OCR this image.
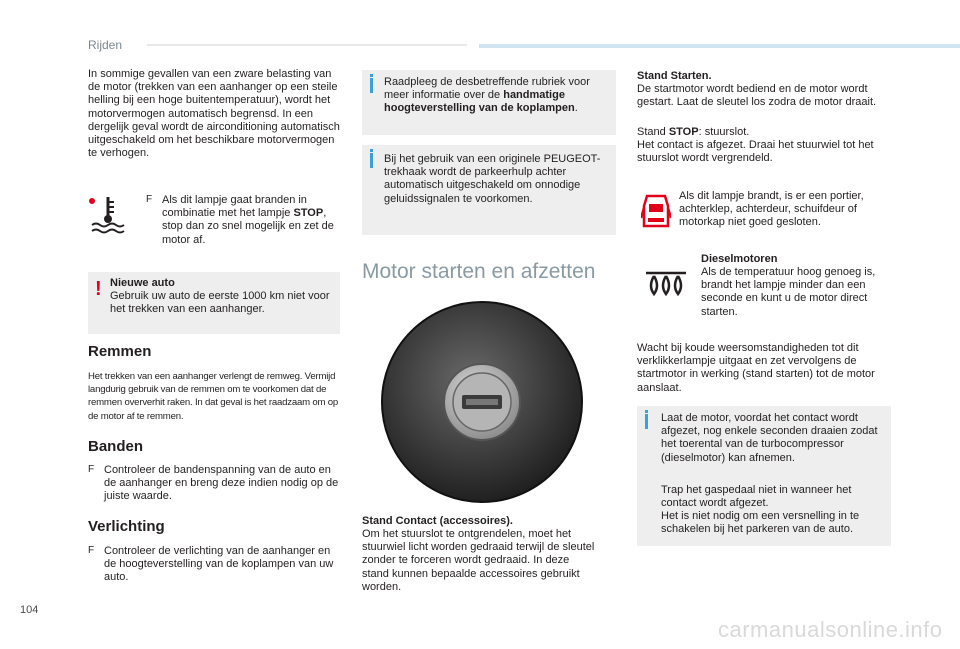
Rijden

In sommige gevallen van een zware belasting van de motor (trekken van een aanhanger op een steile helling bij een hoge buitentemperatuur), wordt het motorvermogen automatisch begrensd. In een dergelijk geval wordt de airconditioning automatisch uitgeschakeld om het beschikbare motorvermogen te verhogen.

F Als dit lampje gaat branden in combinatie met het lampje STOP, stop dan zo snel mogelijk en zet de motor af.

! Nieuwe auto

Gebruik uw auto de eerste 1000 km niet voor het trekken van een aanhanger.

Remmen

Het trekken van een aanhanger verlengt de remweg. Vermijd langdurig gebruik van de remmen om te voorkomen dat de remmen oververhit raken. In dat geval is het raadzaam om op de motor af te remmen.

Banden
F Controleer de bandenspanning van de auto en de aanhanger en breng deze indien nodig op de juiste waarde.

Verlichting
F Controleer de verlichting van de aanhanger en de hoogteverstelling van de koplampen van uw auto.

Raadpleeg de desbetreffende rubriek voor meer informatie over de handmatige hoogteverstelling van de koplampen.

Bij het gebruik van een originele PEUGEOT-trekhaak wordt de parkeerhulp achter automatisch uitgeschakeld om onnodige geluidssignalen te voorkomen.

Motor starten en afzetten
Stand Contact (accessoires).

Om het stuurslot te ontgrendelen, moet het stuurwiel licht worden gedraaid terwijl de sleutel zonder te forceren wordt gedraaid. In deze stand kunnen bepaalde accessoires gebruikt worden.

Stand Starten.

De startmotor wordt bediend en de motor wordt gestart. Laat de sleutel los zodra de motor draait.

Stand STOP: stuurslot.

Het contact is afgezet. Draai het stuurwiel tot het stuurslot wordt vergrendeld.

Als dit lampje brandt, is er een portier, achterklep, achterdeur, schuifdeur of motorkap niet goed gesloten.

Dieselmotoren

Als de temperatuur hoog genoeg is, brandt het lampje minder dan een seconde en kunt u de motor direct starten.

Wacht bij koude weersomstandigheden tot dit verklikkerlampje uitgaat en zet vervolgens de startmotor in werking (stand starten) tot de motor aanslaat.

Laat de motor, voordat het contact wordt afgezet, nog enkele seconden draaien zodat het toerental van de turbocompressor (dieselmotor) kan afnemen.

Trap het gaspedaal niet in wanneer het contact wordt afgezet.

Het is niet nodig om een versnelling in te schakelen bij het parkeren van de auto.

104
carmanualsonline.info
